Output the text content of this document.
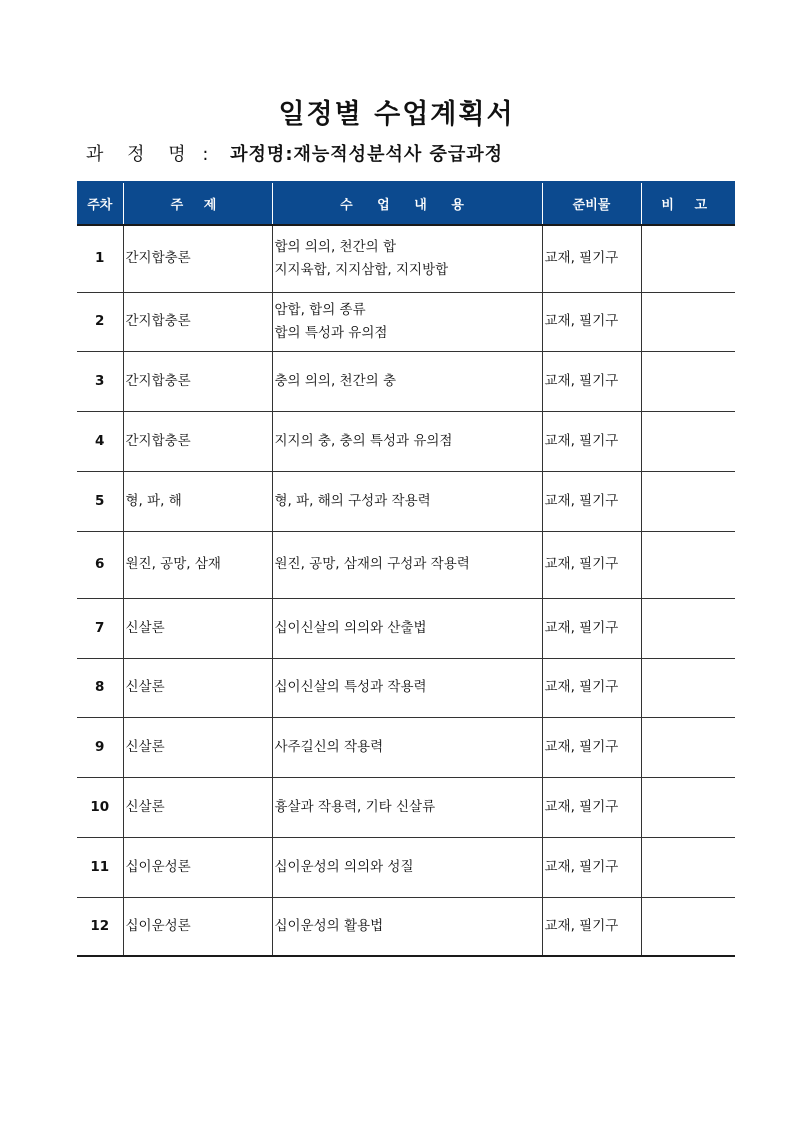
일정별 수업계획서
과 정 명 : 과정명:재능적성분석사 중급과정
주차	주 제	수 업 내 용	준비물	비 고
1	간지합충론	합의 의의, 천간의 합
지지육합, 지지삼합, 지지방합	교재, 필기구	
2	간지합충론	암합, 합의 종류
합의 특성과 유의점	교재, 필기구	
3	간지합충론	충의 의의, 천간의 충	교재, 필기구	
4	간지합충론	지지의 충, 충의 특성과 유의점	교재, 필기구	
5	형, 파, 해	형, 파, 해의 구성과 작용력	교재, 필기구	
6	원진, 공망, 삼재	원진, 공망, 삼재의 구성과 작용력	교재, 필기구	
7	신살론	십이신살의 의의와 산출법	교재, 필기구	
8	신살론	십이신살의 특성과 작용력	교재, 필기구	
9	신살론	사주길신의 작용력	교재, 필기구	
10	신살론	흉살과 작용력, 기타 신살류	교재, 필기구	
11	십이운성론	십이운성의 의의와 성질	교재, 필기구	
12	십이운성론	십이운성의 활용법	교재, 필기구	
